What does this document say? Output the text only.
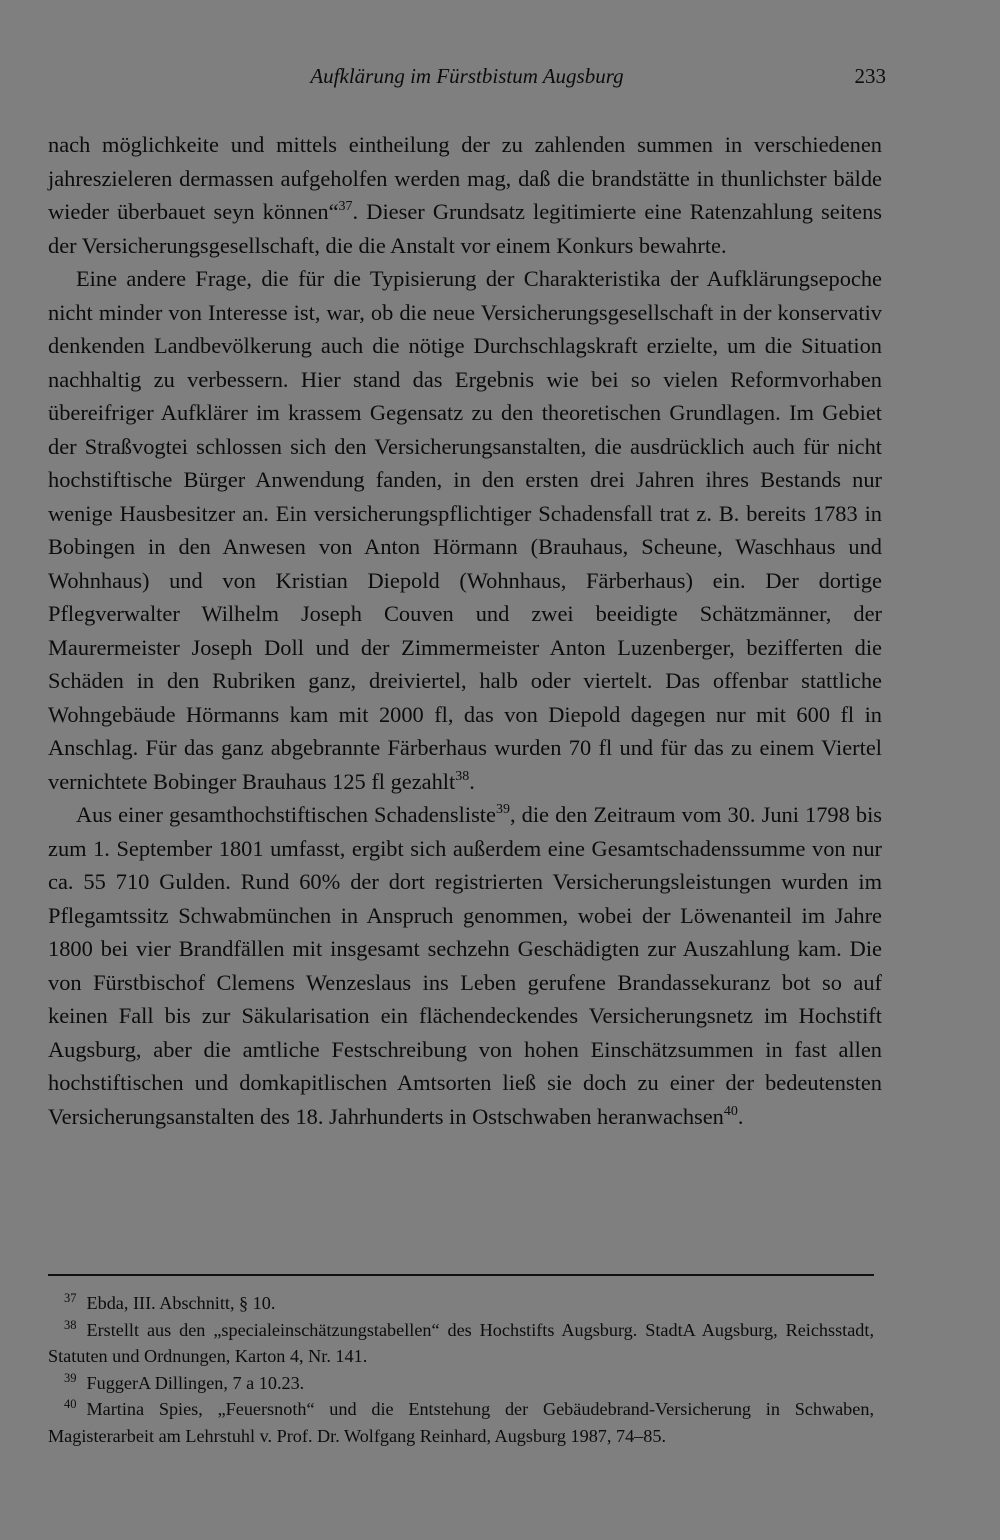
Aufklärung im Fürstbistum Augsburg	233

nach möglichkeite und mittels eintheilung der zu zahlenden summen in verschiedenen jahreszieleren dermassen aufgeholfen werden mag, daß die brandstätte in thunlichster bälde wieder überbauet seyn können“$^{37}$. Dieser Grundsatz legitimierte eine Ratenzahlung seitens der Versicherungsgesellschaft, die die Anstalt vor einem Konkurs bewahrte.

Eine andere Frage, die für die Typisierung der Charakteristika der Aufklärungsepoche nicht minder von Interesse ist, war, ob die neue Versicherungsgesellschaft in der konservativ denkenden Landbevölkerung auch die nötige Durchschlagskraft erzielte, um die Situation nachhaltig zu verbessern. Hier stand das Ergebnis wie bei so vielen Reformvorhaben übereifriger Aufklärer im krassem Gegensatz zu den theoretischen Grundlagen. Im Gebiet der Straßvogtei schlossen sich den Versicherungsanstalten, die ausdrücklich auch für nicht hochstiftische Bürger Anwendung fanden, in den ersten drei Jahren ihres Bestands nur wenige Hausbesitzer an. Ein versicherungspflichtiger Schadensfall trat z. B. bereits 1783 in Bobingen in den Anwesen von Anton Hörmann (Brauhaus, Scheune, Waschhaus und Wohnhaus) und von Kristian Diepold (Wohnhaus, Färberhaus) ein. Der dortige Pflegverwalter Wilhelm Joseph Couven und zwei beeidigte Schätzmänner, der Maurermeister Joseph Doll und der Zimmermeister Anton Luzenberger, bezifferten die Schäden in den Rubriken ganz, dreiviertel, halb oder viertelt. Das offenbar stattliche Wohngebäude Hörmanns kam mit 2000 fl, das von Diepold dagegen nur mit 600 fl in Anschlag. Für das ganz abgebrannte Färberhaus wurden 70 fl und für das zu einem Viertel vernichtete Bobinger Brauhaus 125 fl gezahlt$^{38}$.

Aus einer gesamthochstiftischen Schadensliste$^{39}$, die den Zeitraum vom 30. Juni 1798 bis zum 1. September 1801 umfasst, ergibt sich außerdem eine Gesamtschadenssumme von nur ca. 55 710 Gulden. Rund 60% der dort registrierten Versicherungsleistungen wurden im Pflegamtssitz Schwabmünchen in Anspruch genommen, wobei der Löwenanteil im Jahre 1800 bei vier Brandfällen mit insgesamt sechzehn Geschädigten zur Auszahlung kam. Die von Fürstbischof Clemens Wenzeslaus ins Leben gerufene Brandassekuranz bot so auf keinen Fall bis zur Säkularisation ein flächendeckendes Versicherungsnetz im Hochstift Augsburg, aber die amtliche Festschreibung von hohen Einschätzsummen in fast allen hochstiftischen und domkapitlischen Amtsorten ließ sie doch zu einer der bedeutensten Versicherungsanstalten des 18. Jahrhunderts in Ostschwaben heranwachsen$^{40}$.

$^{37}$ Ebda, III. Abschnitt, § 10.

$^{38}$ Erstellt aus den „specialeinschätzungstabellen“ des Hochstifts Augsburg. StadtA Augsburg, Reichsstadt, Statuten und Ordnungen, Karton 4, Nr. 141.

$^{39}$ FuggerA Dillingen, 7 a 10.23.

$^{40}$ Martina Spies, „Feuersnoth“ und die Entstehung der Gebäudebrand-Versicherung in Schwaben, Magisterarbeit am Lehrstuhl v. Prof. Dr. Wolfgang Reinhard, Augsburg 1987, 74–85.
